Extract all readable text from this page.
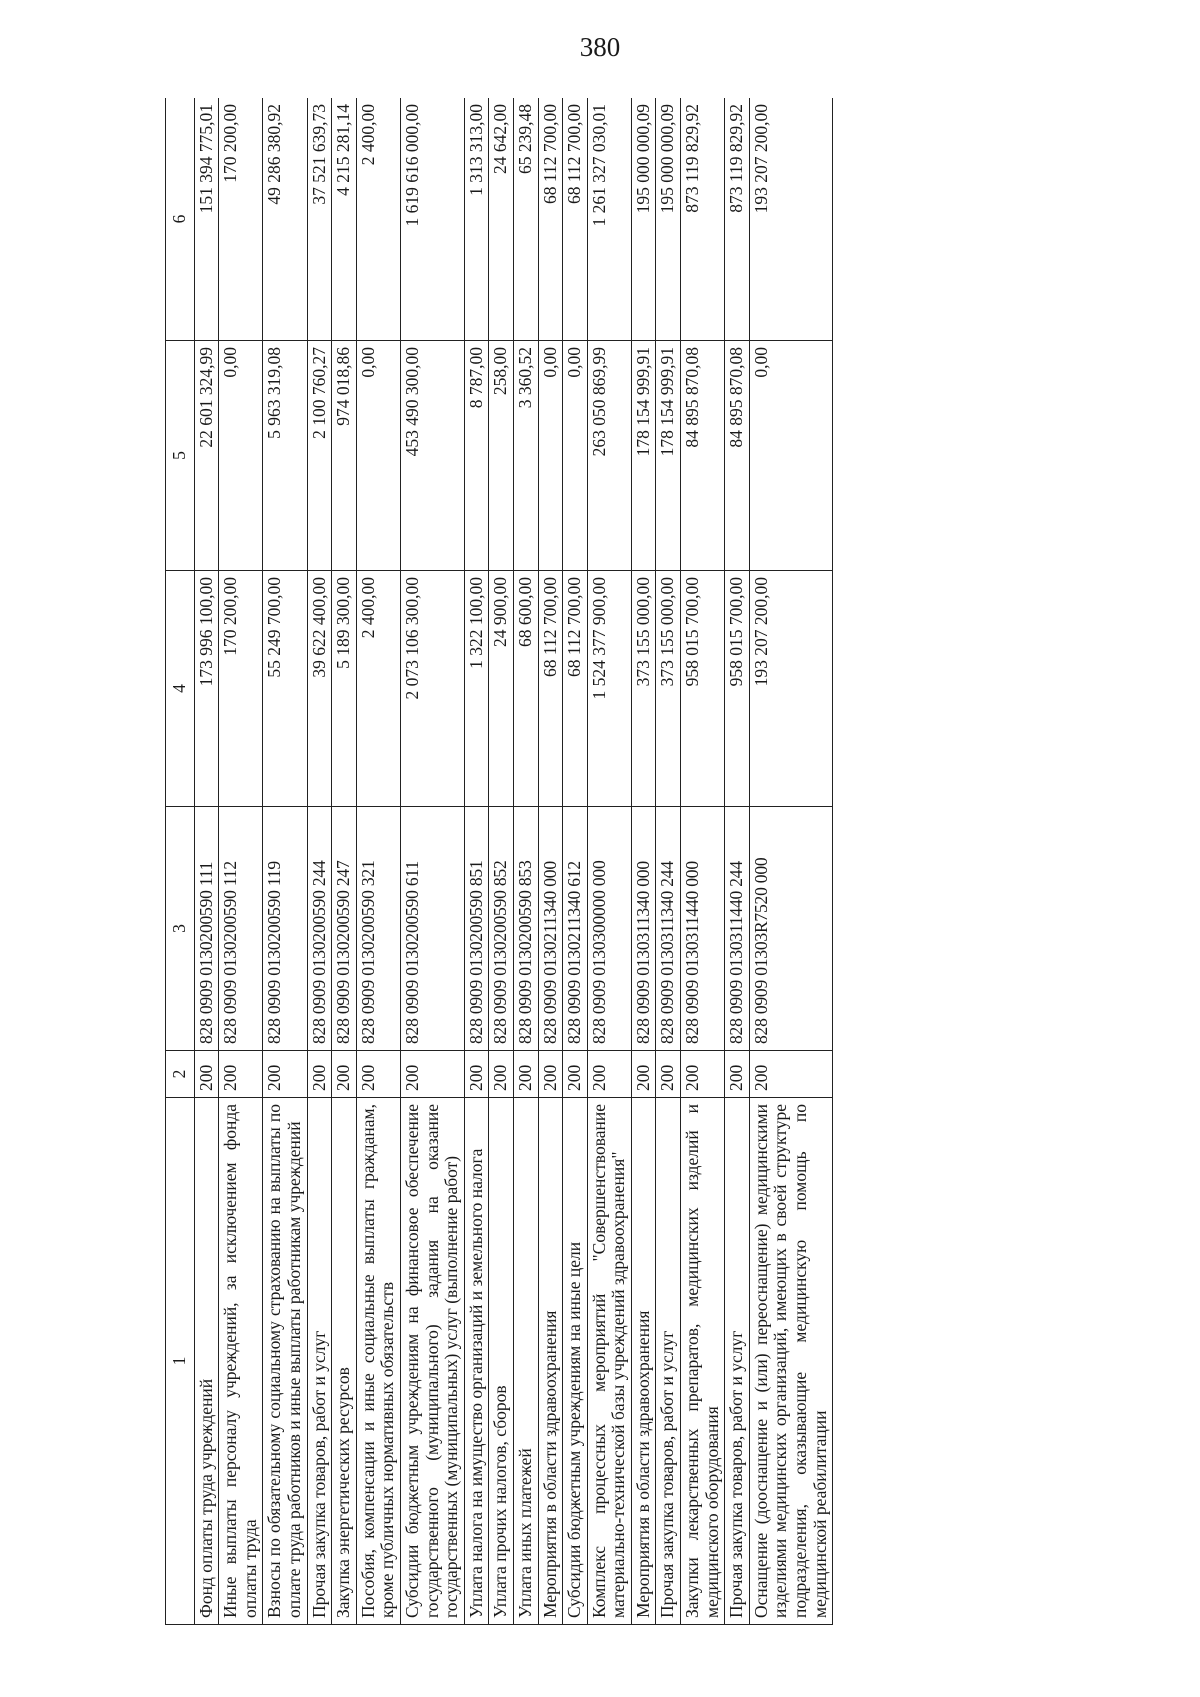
380
1	2	3	4	5	6
Фонд оплаты труда учреждений	200	828 0909 0130200590 111	173 996 100,00	22 601 324,99	151 394 775,01
Иные выплаты персоналу учреждений, за исключением фонда оплаты труда	200	828 0909 0130200590 112	170 200,00	0,00	170 200,00
Взносы по обязательному социальному страхованию на выплаты по оплате труда работников и иные выплаты работникам учреждений	200	828 0909 0130200590 119	55 249 700,00	5 963 319,08	49 286 380,92
Прочая закупка товаров, работ и услуг	200	828 0909 0130200590 244	39 622 400,00	2 100 760,27	37 521 639,73
Закупка энергетических ресурсов	200	828 0909 0130200590 247	5 189 300,00	974 018,86	4 215 281,14
Пособия, компенсации и иные социальные выплаты гражданам, кроме публичных нормативных обязательств	200	828 0909 0130200590 321	2 400,00	0,00	2 400,00
Субсидии бюджетным учреждениям на финансовое обеспечение государственного (муниципального) задания на оказание государственных (муниципальных) услуг (выполнение работ)	200	828 0909 0130200590 611	2 073 106 300,00	453 490 300,00	1 619 616 000,00
Уплата налога на имущество организаций и земельного налога	200	828 0909 0130200590 851	1 322 100,00	8 787,00	1 313 313,00
Уплата прочих налогов, сборов	200	828 0909 0130200590 852	24 900,00	258,00	24 642,00
Уплата иных платежей	200	828 0909 0130200590 853	68 600,00	3 360,52	65 239,48
Мероприятия в области здравоохранения	200	828 0909 0130211340 000	68 112 700,00	0,00	68 112 700,00
Субсидии бюджетным учреждениям на иные цели	200	828 0909 0130211340 612	68 112 700,00	0,00	68 112 700,00
Комплекс процессных мероприятий "Совершенствование материально-технической базы учреждений здравоохранения"	200	828 0909 0130300000 000	1 524 377 900,00	263 050 869,99	1 261 327 030,01
Мероприятия в области здравоохранения	200	828 0909 0130311340 000	373 155 000,00	178 154 999,91	195 000 000,09
Прочая закупка товаров, работ и услуг	200	828 0909 0130311340 244	373 155 000,00	178 154 999,91	195 000 000,09
Закупки лекарственных препаратов, медицинских изделий и медицинского оборудования	200	828 0909 0130311440 000	958 015 700,00	84 895 870,08	873 119 829,92
Прочая закупка товаров, работ и услуг	200	828 0909 0130311440 244	958 015 700,00	84 895 870,08	873 119 829,92
Оснащение (дооснащение и (или) переоснащение) медицинскими изделиями медицинских организаций, имеющих в своей структуре подразделения, оказывающие медицинскую помощь по медицинской реабилитации	200	828 0909 01303R7520 000	193 207 200,00	0,00	193 207 200,00
